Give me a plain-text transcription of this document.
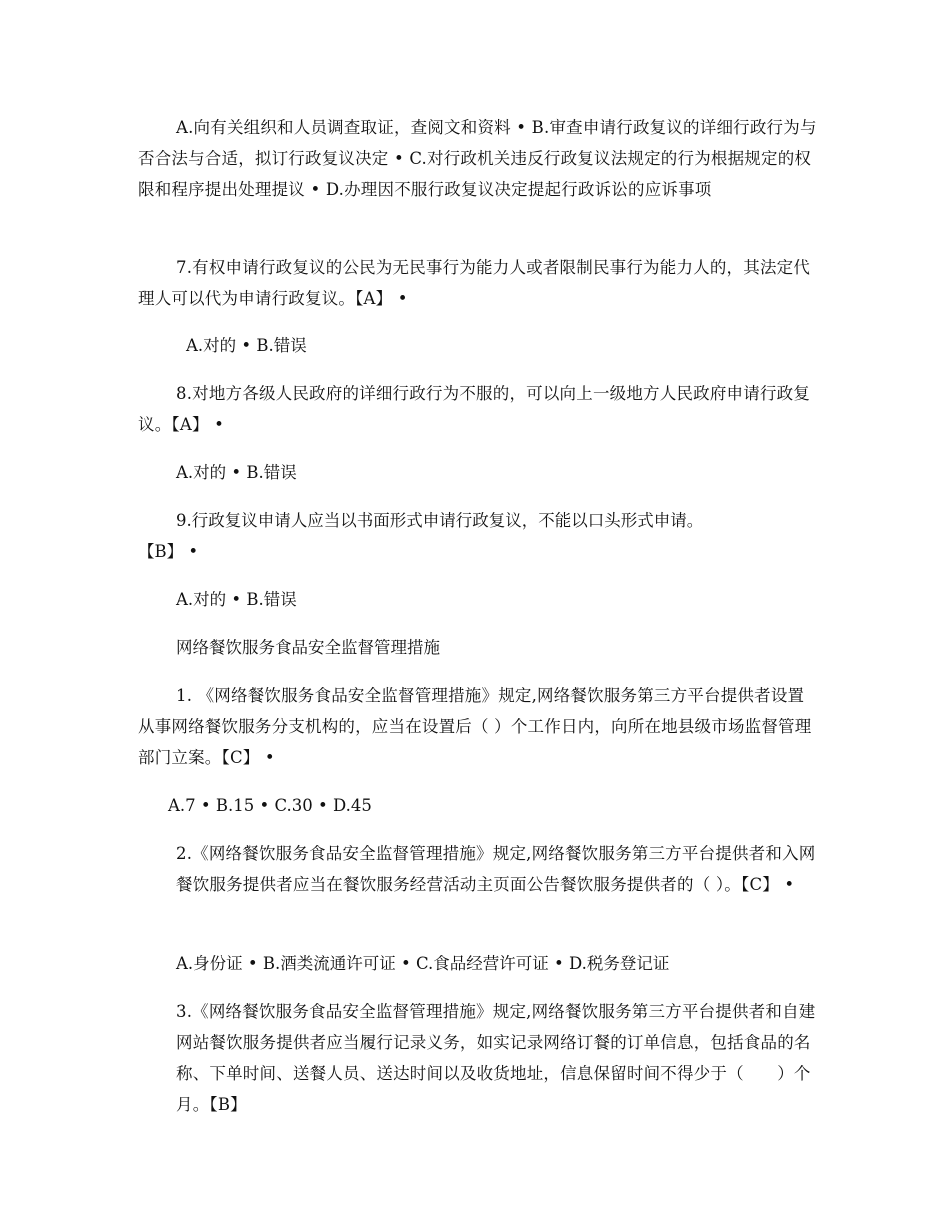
A.向有关组织和人员调查取证，查阅文和资料 • B.审查申请行政复议的详细行政行为与否合法与合适，拟订行政复议决定 • C.对行政机关违反行政复议法规定的行为根据规定的权限和程序提出处理提议 • D.办理因不服行政复议决定提起行政诉讼的应诉事项

7.有权申请行政复议的公民为无民事行为能力人或者限制民事行为能力人的，其法定代理人可以代为申请行政复议。【A】 •

A.对的 • B.错误

8.对地方各级人民政府的详细行政行为不服的，可以向上一级地方人民政府申请行政复议。【A】 •

A.对的 • B.错误

9.行政复议申请人应当以书面形式申请行政复议，不能以口头形式申请。

【B】 •

A.对的 • B.错误

网络餐饮服务食品安全监督管理措施

1. 《网络餐饮服务食品安全监督管理措施》规定,网络餐饮服务第三方平台提供者设置从事网络餐饮服务分支机构的，应当在设置后（ ）个工作日内，向所在地县级市场监督管理部门立案。【C】 •

A.7 • B.15 • C.30 • D.45

2.《网络餐饮服务食品安全监督管理措施》规定,网络餐饮服务第三方平台提供者和入网餐饮服务提供者应当在餐饮服务经营活动主页面公告餐饮服务提供者的（ ）。【C】 •

A.身份证 • B.酒类流通许可证 • C.食品经营许可证 • D.税务登记证

3.《网络餐饮服务食品安全监督管理措施》规定,网络餐饮服务第三方平台提供者和自建网站餐饮服务提供者应当履行记录义务，如实记录网络订餐的订单信息，包括食品的名称、下单时间、送餐人员、送达时间以及收货地址，信息保留时间不得少于（　　）个月。【B】
